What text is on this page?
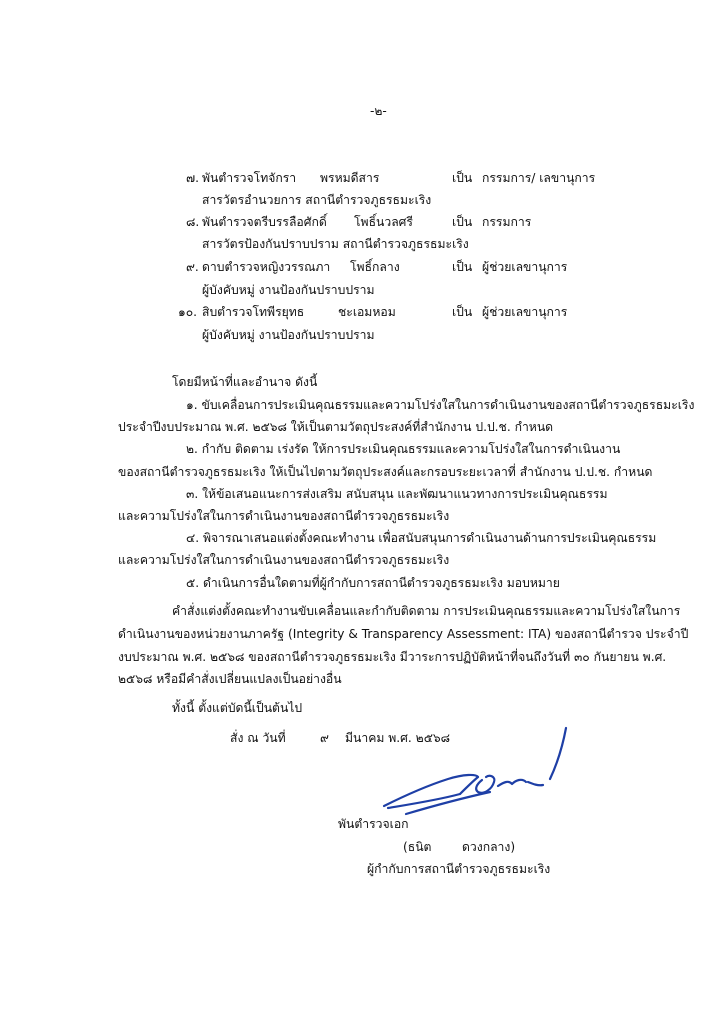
-๒-
๗. พันตำรวจโทจักรา พรหมดีสาร	เป็น กรรมการ/ เลขานุการ
สารวัตรอำนวยการ สถานีตำรวจภูธรธมะเริง
๘. พันตำรวจตรีบรรลือศักดิ์ โพธิ์นวลศรี	เป็น กรรมการ
สารวัตรป้องกันปราบปราม สถานีตำรวจภูธรธมะเริง
๙. ดาบตำรวจหญิงวรรณภา โพธิ์กลาง	เป็น ผู้ช่วยเลขานุการ
ผู้บังคับหมู่ งานป้องกันปราบปราม
๑๐. สิบตำรวจโทพีรยุทธ	ชะเอมหอม	เป็น ผู้ช่วยเลขานุการ
ผู้บังคับหมู่ งานป้องกันปราบปราม
โดยมีหน้าที่และอำนาจ ดังนี้
๑. ขับเคลื่อนการประเมินคุณธรรมและความโปร่งใสในการดำเนินงานของสถานีตำรวจภูธรธมะเริง
ประจำปีงบประมาณ พ.ศ. ๒๕๖๘ ให้เป็นตามวัตถุประสงค์ที่สำนักงาน ป.ป.ช. กำหนด
๒. กำกับ ติดตาม เร่งรัด ให้การประเมินคุณธรรมและความโปร่งใสในการดำเนินงาน
ของสถานีตำรวจภูธรธมะเริง ให้เป็นไปตามวัตถุประสงค์และกรอบระยะเวลาที่ สำนักงาน ป.ป.ช. กำหนด
๓. ให้ข้อเสนอแนะการส่งเสริม สนับสนุน และพัฒนาแนวทางการประเมินคุณธรรม
และความโปร่งใสในการดำเนินงานของสถานีตำรวจภูธรธมะเริง
๔. พิจารณาเสนอแต่งตั้งคณะทำงาน เพื่อสนับสนุนการดำเนินงานด้านการประเมินคุณธรรม
และความโปร่งใสในการดำเนินงานของสถานีตำรวจภูธรธมะเริง
๕. ดำเนินการอื่นใดตามที่ผู้กำกับการสถานีตำรวจภูธรธมะเริง มอบหมาย
คำสั่งแต่งตั้งคณะทำงานขับเคลื่อนและกำกับติดตาม การประเมินคุณธรรมและความโปร่งใสในการ
ดำเนินงานของหน่วยงานภาครัฐ (Integrity & Transparency Assessment: ITA) ของสถานีตำรวจ ประจำปี
งบประมาณ พ.ศ. ๒๕๖๘ ของสถานีตำรวจภูธรธมะเริง มีวาระการปฏิบัติหน้าที่จนถึงวันที่ ๓๐ กันยายน พ.ศ.
๒๕๖๘ หรือมีคำสั่งเปลี่ยนแปลงเป็นอย่างอื่น
ทั้งนี้ ตั้งแต่บัดนี้เป็นต้นไป
สั่ง ณ วันที่	๙ มีนาคม พ.ศ. ๒๕๖๘
พันตำรวจเอก
(ธนิต	ดวงกลาง)
ผู้กำกับการสถานีตำรวจภูธรธมะเริง
